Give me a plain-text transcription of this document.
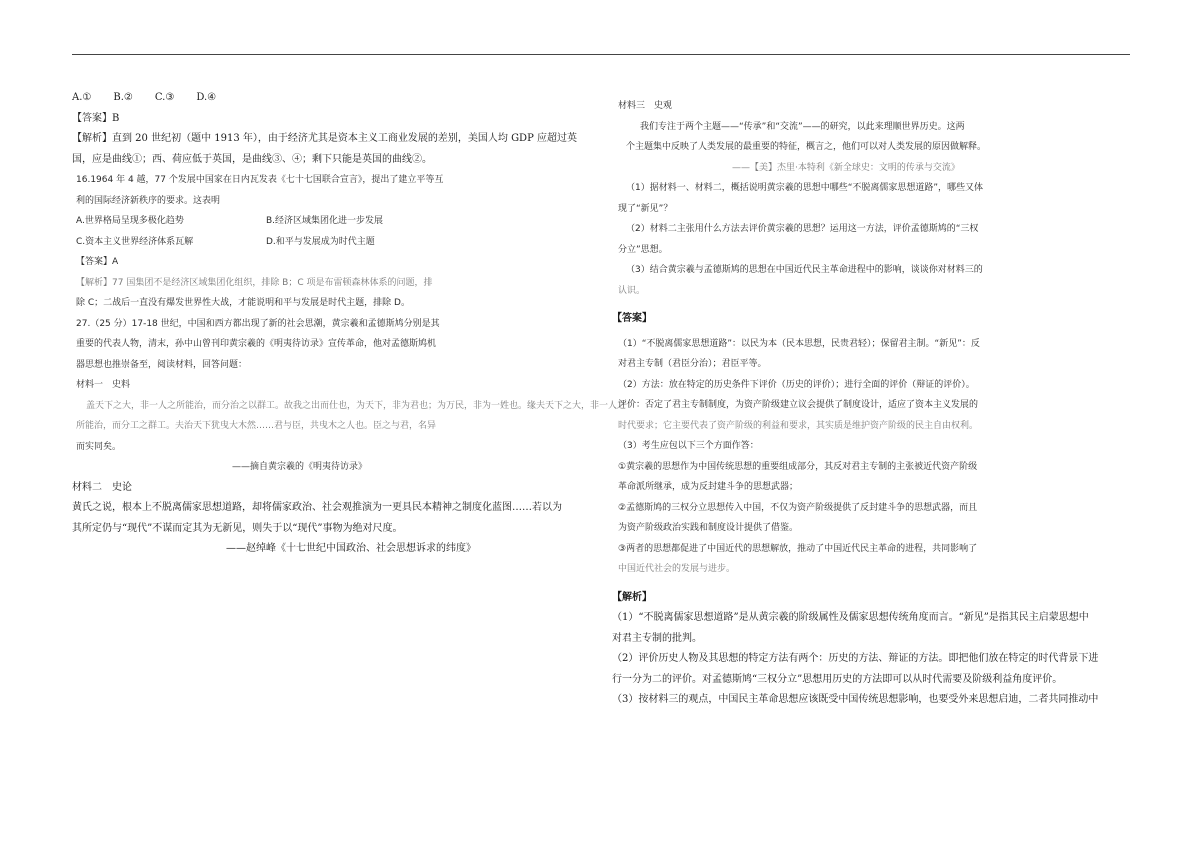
A.① B.② C.③ D.④
【答案】B
【解析】直到 20 世纪初（题中 1913 年），由于经济尤其是资本主义工商业发展的差别，美国人均 GDP 应超过英
国，应是曲线①；西、荷应低于英国，是曲线③、④；剩下只能是英国的曲线②。
16.1964 年 4 越，77 个发展中国家在日内瓦发表《七十七国联合宣言》，提出了建立平等互
利的国际经济新秩序的要求。这表明
A.世界格局呈现多极化趋势	B.经济区域集团化进一步发展
C.资本主义世界经济体系瓦解	D.和平与发展成为时代主题
【答案】A
【解析】77 国集团不是经济区域集团化组织，排除 B；C 项是布雷顿森林体系的问题，排
除 C；二战后一直没有爆发世界性大战，才能说明和平与发展是时代主题，排除 D。
27.（25 分）17-18 世纪，中国和西方都出现了新的社会思潮，黄宗羲和孟德斯鸠分别是其
重要的代表人物，清末，孙中山曾刊印黄宗羲的《明夷待访录》宣传革命，他对孟德斯鸠机
器思想也推崇备至，阅读材料，回答问题：
材料一　史料
盖天下之大，非一人之所能治，而分治之以群工。故我之出而仕也，为天下，非为君也；为万民，非为一姓也。缘夫天下之大，非一人之
所能治，而分工之群工。夫治天下犹曳大木然……君与臣，共曳木之人也。臣之与君，名异
而实同矣。
——摘自黄宗羲的《明夷待访录》
材料二　史论
黄氏之说，根本上不脱离儒家思想道路，却将儒家政治、社会观推演为一更具民本精神之制度化蓝图……若以为
其所定仍与“现代”不谋而定其为无新见，则失于以“现代”事物为绝对尺度。
——赵绰峰《十七世纪中国政治、社会思想诉求的纬度》
材料三　史观
我们专注于两个主题——“传承”和“交流”——的研究，以此来理顺世界历史。这两
个主题集中反映了人类发展的最重要的特征，概言之，他们可以对人类发展的原因做解释。
——【美】杰里·本特利《新全球史：文明的传承与交流》
（1）据材料一、材料二，概括说明黄宗羲的思想中哪些“不脱离儒家思想道路”，哪些又体
现了“新见”？
（2）材料二主张用什么方法去评价黄宗羲的思想？运用这一方法，评价孟德斯鸠的“三权
分立”思想。
（3）结合黄宗羲与孟德斯鸠的思想在中国近代民主革命进程中的影响，谈谈你对材料三的
认识。
【答案】
（1）“不脱离儒家思想道路”：以民为本（民本思想，民贵君轻）；保留君主制。“新见”：反
对君主专制（君臣分治）；君臣平等。
（2）方法：放在特定的历史条件下评价（历史的评价）；进行全面的评价（辩证的评价）。
评价：否定了君主专制制度，为资产阶级建立议会提供了制度设计，适应了资本主义发展的
时代要求；它主要代表了资产阶级的利益和要求，其实质是维护资产阶级的民主自由权利。
（3）考生应包以下三个方面作答：
①黄宗羲的思想作为中国传统思想的重要组成部分，其反对君主专制的主张被近代资产阶级
革命派所继承，成为反封建斗争的思想武器；
②孟德斯鸠的三权分立思想传入中国，不仅为资产阶级提供了反封建斗争的思想武器，而且
为资产阶级政治实践和制度设计提供了借鉴。
③两者的思想都促进了中国近代的思想解放，推动了中国近代民主革命的进程，共同影响了
中国近代社会的发展与进步。
【解析】
（1）“不脱离儒家思想道路”是从黄宗羲的阶级属性及儒家思想传统角度而言。“新见”是指其民主启蒙思想中
对君主专制的批判。
（2）评价历史人物及其思想的特定方法有两个：历史的方法、辩证的方法。即把他们放在特定的时代背景下进
行一分为二的评价。对孟德斯鸠“三权分立”思想用历史的方法即可以从时代需要及阶级利益角度评价。
（3）按材料三的观点，中国民主革命思想应该既受中国传统思想影响，也要受外来思想启迪，二者共同推动中
